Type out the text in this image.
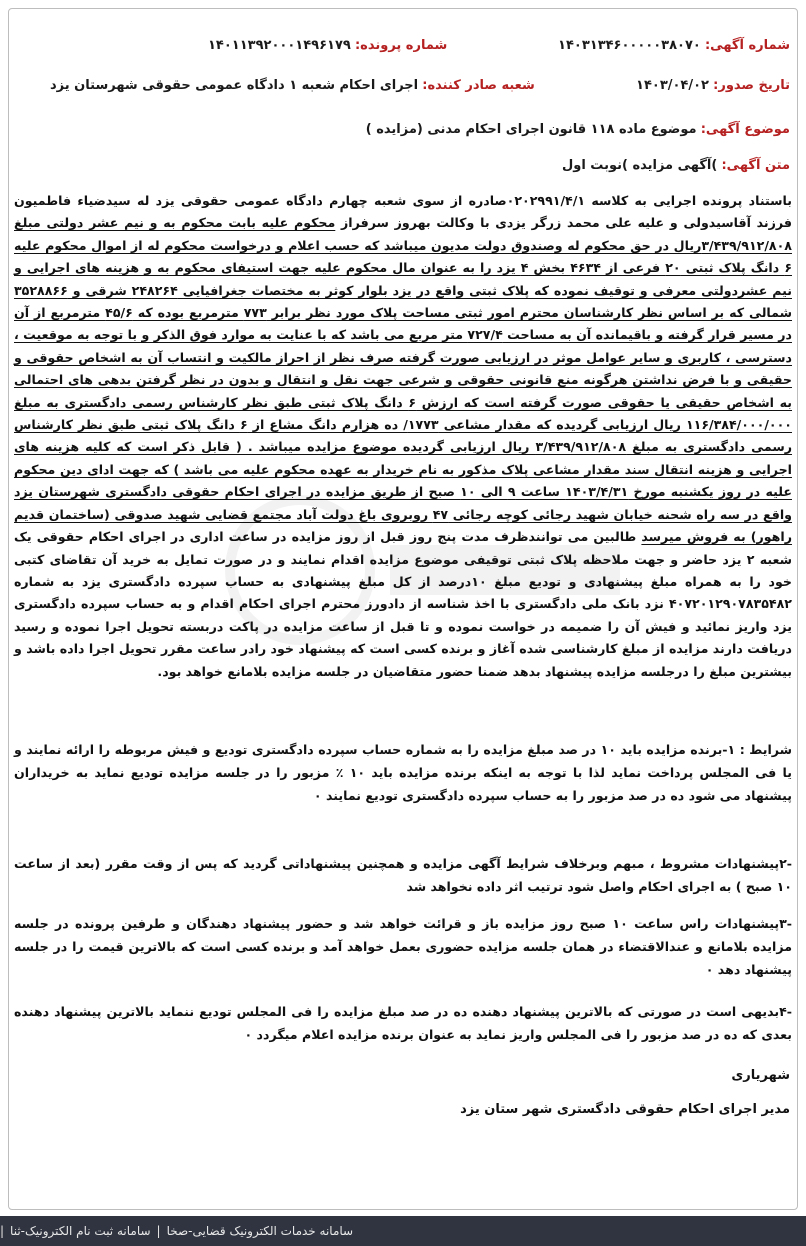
شماره آگهی: ۱۴۰۳۱۳۴۶۰۰۰۰۰۳۸۰۷۰
شماره پرونده: ۱۴۰۱۱۳۹۲۰۰۰۱۴۹۶۱۷۹
تاریخ صدور: ۱۴۰۳/۰۴/۰۲
شعبه صادر کننده: اجرای احکام شعبه ۱ دادگاه عمومی حقوقی شهرستان یزد
موضوع آگهی: موضوع ماده ۱۱۸ قانون اجرای احکام مدنی (مزایده )
متن آگهی: )آگهی مزایده )نوبت اول

باستناد پرونده اجرایی به کلاسه ۰۲۰۲۹۹۱/۴/۱صادره از سوی شعبه چهارم دادگاه عمومی حقوقی یزد له سیدضیاء فاطمیون فرزند آقاسیدولی و علیه علی محمد زرگر یزدی با وکالت بهروز سرفراز محکوم علیه بابت محکوم به و نیم عشر دولتی مبلغ ۳/۴۳۹/۹۱۲/۸۰۸ریال در حق محکوم له وصندوق دولت مدیون میباشد که حسب اعلام و درخواست محکوم له از اموال محکوم علیه ۶ دانگ پلاک ثبتی ۲۰ فرعی از ۴۶۳۴ بخش ۴ یزد را به عنوان مال محکوم علیه جهت استیفای محکوم به و هزینه های اجرایی و نیم عشردولتی معرفی و توقیف نموده که پلاک ثبتی واقع در یزد بلوار کوثر به مختصات جغرافیایی ۲۴۸۲۶۴ شرقی و ۳۵۲۸۸۶۶ شمالی که بر اساس نظر کارشناسان محترم امور ثبتی مساحت پلاک مورد نظر برابر ۷۷۳ مترمربع بوده که ۴۵/۶ مترمربع از آن در مسیر قرار گرفته و باقیمانده آن به مساحت ۷۲۷/۴ متر مربع می باشد که با عنایت به موارد فوق الذکر و با توجه به موقعیت ، دسترسی ، کاربری و سایر عوامل موثر در ارزیابی صورت گرفته صرف نظر از احراز مالکیت و انتساب آن به اشخاص حقوقی و حقیقی و با فرض نداشتن هرگونه منع قانونی حقوقی و شرعی جهت نقل و انتقال و بدون در نظر گرفتن بدهی های احتمالی به اشخاص حقیقی یا حقوقی صورت گرفته است که ارزش ۶ دانگ پلاک ثبتی طبق نظر کارشناس رسمی دادگستری به مبلغ ۱۱۶/۳۸۴/۰۰۰/۰۰۰ ریال ارزیابی گردیده که مقدار مشاعی ۱۷۷۳/ ده هزارم دانگ مشاع از ۶ دانگ پلاک ثبتی طبق نظر کارشناس رسمی دادگستری به مبلغ ۳/۴۳۹/۹۱۲/۸۰۸ ریال ارزیابی گردیده موضوع مزایده میباشد . ( قابل ذکر است که کلیه هزینه های اجرایی و هزینه انتقال سند مقدار مشاعی پلاک مذکور به نام خریدار به عهده محکوم علیه می باشد ) که جهت ادای دین محکوم علیه در روز یکشنبه مورخ ۱۴۰۳/۴/۳۱ ساعت ۹ الی ۱۰ صبح از طریق مزایده در اجرای احکام حقوقی دادگستری شهرستان یزد واقع در سه راه شحنه خیابان شهید رجائی کوچه رجائی ۴۷ روبروی باغ دولت آباد مجتمع قضایی شهید صدوقی (ساختمان قدیم راهور) به فروش میرسد طالبین می توانندظرف مدت پنج روز قبل از روز مزایده در ساعت اداری در اجرای احکام حقوقی یک شعبه ۲ یزد حاضر و جهت ملاحظه پلاک ثبتی توقیفی موضوع مزایده اقدام نمایند و در صورت تمایل به خرید آن تقاضای کتبی خود را به همراه مبلغ پیشنهادی و تودیع مبلغ ۱۰درصد از کل مبلغ پیشنهادی به حساب سپرده دادگستری یزد به شماره ۴۰۷۲۰۱۲۹۰۷۸۳۵۴۸۲ نزد بانک ملی دادگستری با اخذ شناسه از دادورز محترم اجرای احکام اقدام و به حساب سپرده دادگستری یزد واریز نمائید و فیش آن را ضمیمه در خواست نموده و تا قبل از ساعت مزایده در پاکت دربسته تحویل اجرا نموده و رسید دریافت دارند مزایده از مبلغ کارشناسی شده آغاز و برنده کسی است که پیشنهاد خود رادر ساعت مقرر تحویل اجرا داده باشد و بیشترین مبلغ را درجلسه مزایده پیشنهاد بدهد ضمنا حضور متقاضیان در جلسه مزایده بلامانع خواهد بود.

شرایط : ۱-برنده مزایده باید ۱۰ در صد مبلغ مزایده را به شماره حساب سپرده دادگستری تودیع و فیش مربوطه را ارائه نمایند و یا فی المجلس پرداخت نماید لذا با توجه به اینکه برنده مزایده باید ۱۰ ٪ مزبور را در جلسه مزایده تودیع نماید به خریداران پیشنهاد می شود ده در صد مزبور را به حساب سپرده دادگستری تودیع نمایند ۰
-۲پیشنهادات مشروط ، مبهم وبرخلاف شرایط آگهی مزایده و همچنین پیشنهاداتی گردید که پس از وقت مقرر (بعد از ساعت ۱۰ صبح ) به اجرای احکام واصل شود ترتیب اثر داده نخواهد شد
-۳پیشنهادات راس ساعت ۱۰ صبح روز مزایده باز و قرائت خواهد شد و حضور پیشنهاد دهندگان و طرفین پرونده در جلسه مزایده بلامانع و عندالاقتضاء در همان جلسه مزایده حضوری بعمل خواهد آمد و برنده کسی است که بالاترین قیمت را در جلسه پیشنهاد دهد ۰
-۴بدیهی است در صورتی که بالاترین پیشنهاد دهنده ده در صد مبلغ مزایده را فی المجلس تودیع ننماید بالاترین پیشنهاد دهنده بعدی که ده در صد مزبور را فی المجلس واریز نماید به عنوان برنده مزایده اعلام میگردد ۰
شهریاری
مدیر اجرای احکام حقوقی دادگستری شهر ستان یزد
سامانه خدمات الکترونیک قضایی-صخا
|
سامانه ثبت نام الکترونیک-ثنا
|
